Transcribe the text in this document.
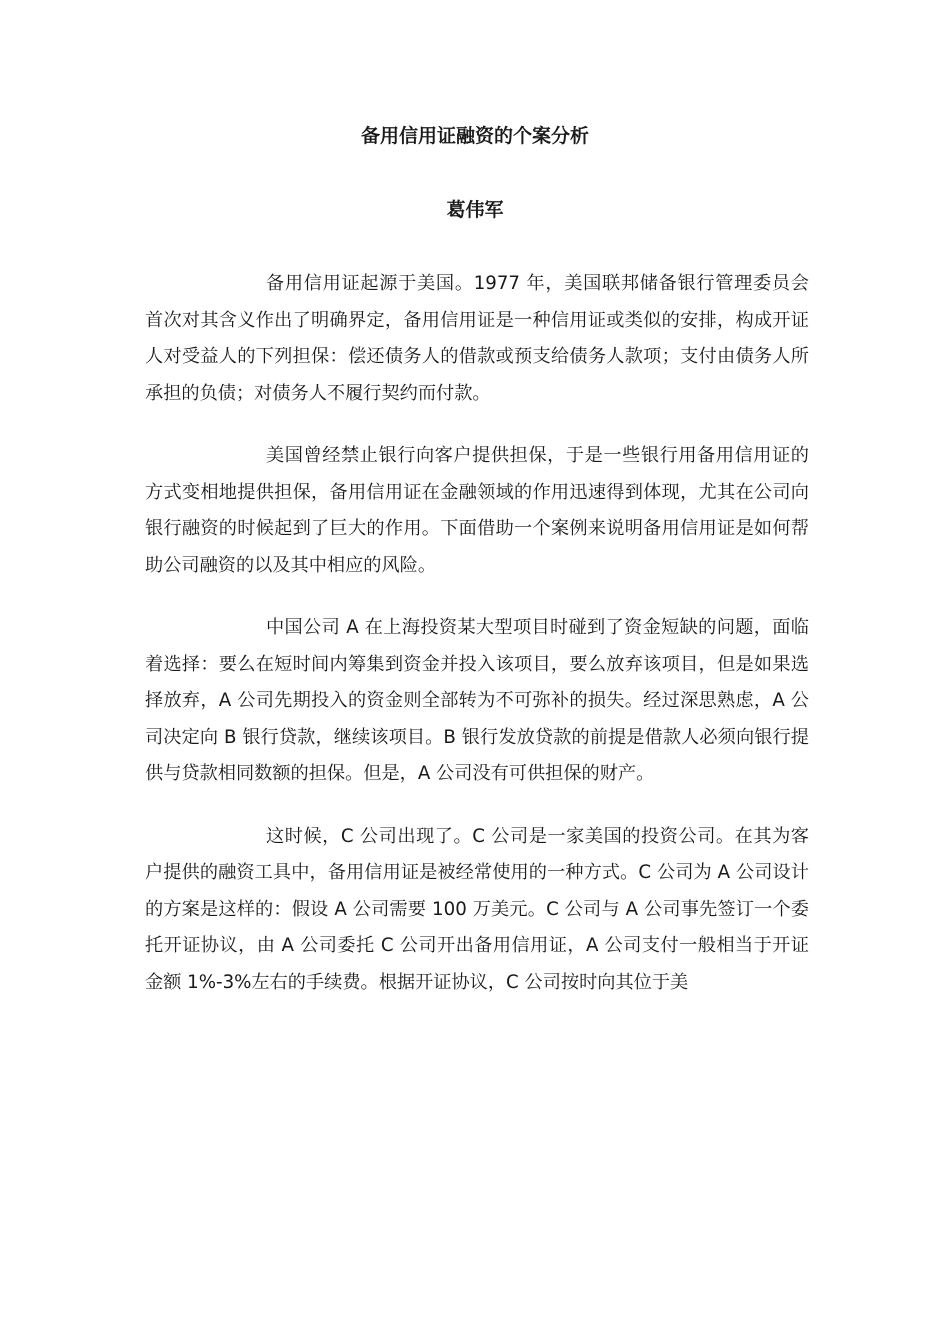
备用信用证融资的个案分析
葛伟军

备用信用证起源于美国。1977 年，美国联邦储备银行管理委员会首次对其含义作出了明确界定，备用信用证是一种信用证或类似的安排，构成开证人对受益人的下列担保：偿还债务人的借款或预支给债务人款项；支付由债务人所承担的负债；对债务人不履行契约而付款。

美国曾经禁止银行向客户提供担保，于是一些银行用备用信用证的方式变相地提供担保，备用信用证在金融领域的作用迅速得到体现，尤其在公司向银行融资的时候起到了巨大的作用。下面借助一个案例来说明备用信用证是如何帮助公司融资的以及其中相应的风险。

中国公司 A 在上海投资某大型项目时碰到了资金短缺的问题，面临着选择：要么在短时间内筹集到资金并投入该项目，要么放弃该项目，但是如果选择放弃，A 公司先期投入的资金则全部转为不可弥补的损失。经过深思熟虑，A 公司决定向 B 银行贷款，继续该项目。B 银行发放贷款的前提是借款人必须向银行提供与贷款相同数额的担保。但是，A 公司没有可供担保的财产。

这时候，C 公司出现了。C 公司是一家美国的投资公司。在其为客户提供的融资工具中，备用信用证是被经常使用的一种方式。C 公司为 A 公司设计的方案是这样的：假设 A 公司需要 100 万美元。C 公司与 A 公司事先签订一个委托开证协议，由 A 公司委托 C 公司开出备用信用证，A 公司支付一般相当于开证金额 1%-3%左右的手续费。根据开证协议，C 公司按时向其位于美
